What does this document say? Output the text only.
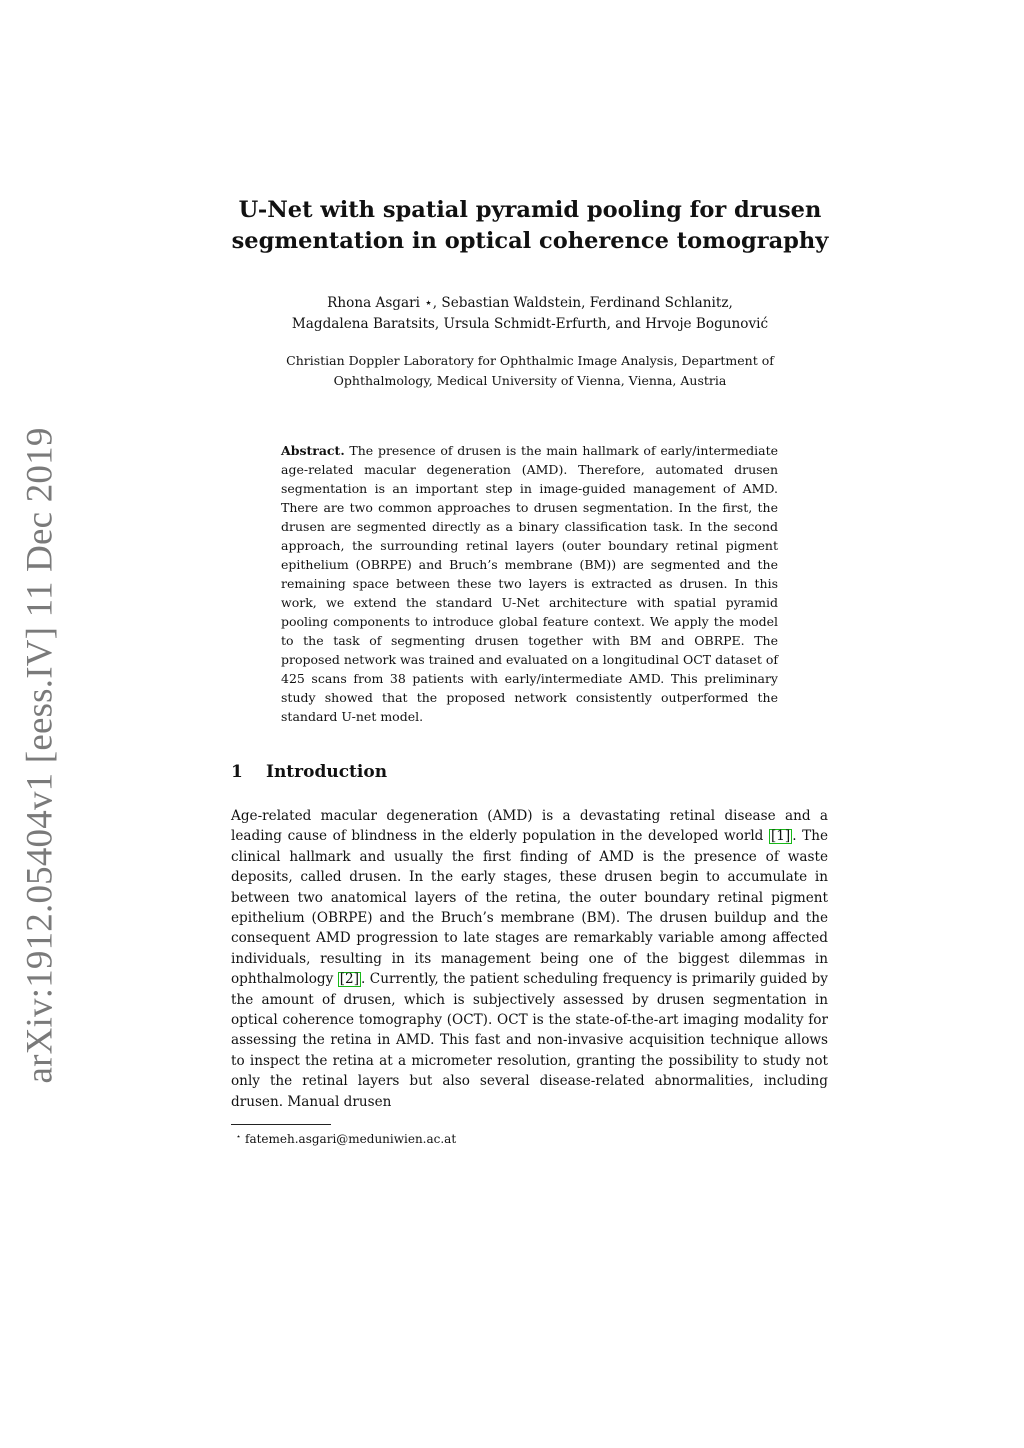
arXiv:1912.05404v1 [eess.IV] 11 Dec 2019
U-Net with spatial pyramid pooling for drusen
segmentation in optical coherence tomography
Rhona Asgari ⋆, Sebastian Waldstein, Ferdinand Schlanitz,
Magdalena Baratsits, Ursula Schmidt-Erfurth, and Hrvoje Bogunović
Christian Doppler Laboratory for Ophthalmic Image Analysis, Department of
Ophthalmology, Medical University of Vienna, Vienna, Austria
Abstract. The presence of drusen is the main hallmark of early/intermediate age-related macular degeneration (AMD). Therefore, automated drusen segmentation is an important step in image-guided management of AMD. There are two common approaches to drusen segmentation. In the first, the drusen are segmented directly as a binary classification task. In the second approach, the surrounding retinal layers (outer boundary retinal pigment epithelium (OBRPE) and Bruch’s membrane (BM)) are segmented and the remaining space between these two layers is extracted as drusen. In this work, we extend the standard U-Net architecture with spatial pyramid pooling components to introduce global feature context. We apply the model to the task of segmenting drusen together with BM and OBRPE. The proposed network was trained and evaluated on a longitudinal OCT dataset of 425 scans from 38 patients with early/intermediate AMD. This preliminary study showed that the proposed network consistently outperformed the standard U-net model.
1 Introduction
Age-related macular degeneration (AMD) is a devastating retinal disease and a leading cause of blindness in the elderly population in the developed world [1] . The clinical hallmark and usually the first finding of AMD is the presence of waste deposits, called drusen. In the early stages, these drusen begin to accumulate in between two anatomical layers of the retina, the outer boundary retinal pigment epithelium (OBRPE) and the Bruch’s membrane (BM). The drusen buildup and the consequent AMD progression to late stages are remarkably variable among affected individuals, resulting in its management being one of the biggest dilemmas in ophthalmology [2] . Currently, the patient scheduling frequency is primarily guided by the amount of drusen, which is subjectively assessed by drusen segmentation in optical coherence tomography (OCT). OCT is the state-of-the-art imaging modality for assessing the retina in AMD. This fast and non-invasive acquisition technique allows to inspect the retina at a micrometer resolution, granting the possibility to study not only the retinal layers but also several disease-related abnormalities, including drusen. Manual drusen
⋆ fatemeh.asgari@meduniwien.ac.at
